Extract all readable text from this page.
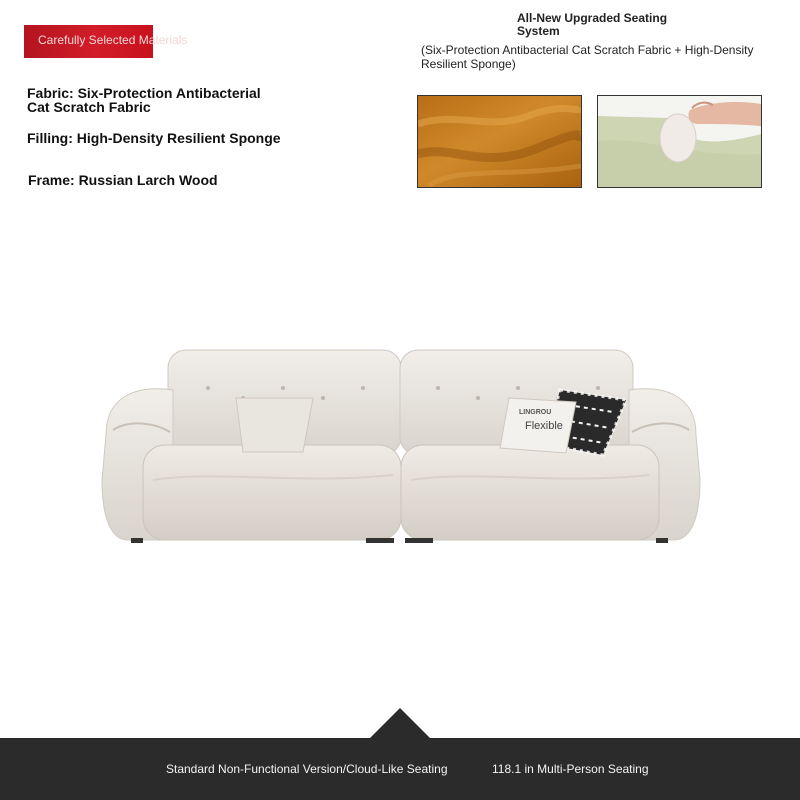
Carefully Selected Materials
Fabric: Six-Protection Antibacterial Cat Scratch Fabric
Filling: High-Density Resilient Sponge
Frame: Russian Larch Wood
All-New Upgraded Seating System
(Six-Protection Antibacterial Cat Scratch Fabric + High-Density Resilient Sponge)
LINGROU
Flexible
Standard Non-Functional Version/Cloud-Like Seating	118.1 in Multi-Person Seating
